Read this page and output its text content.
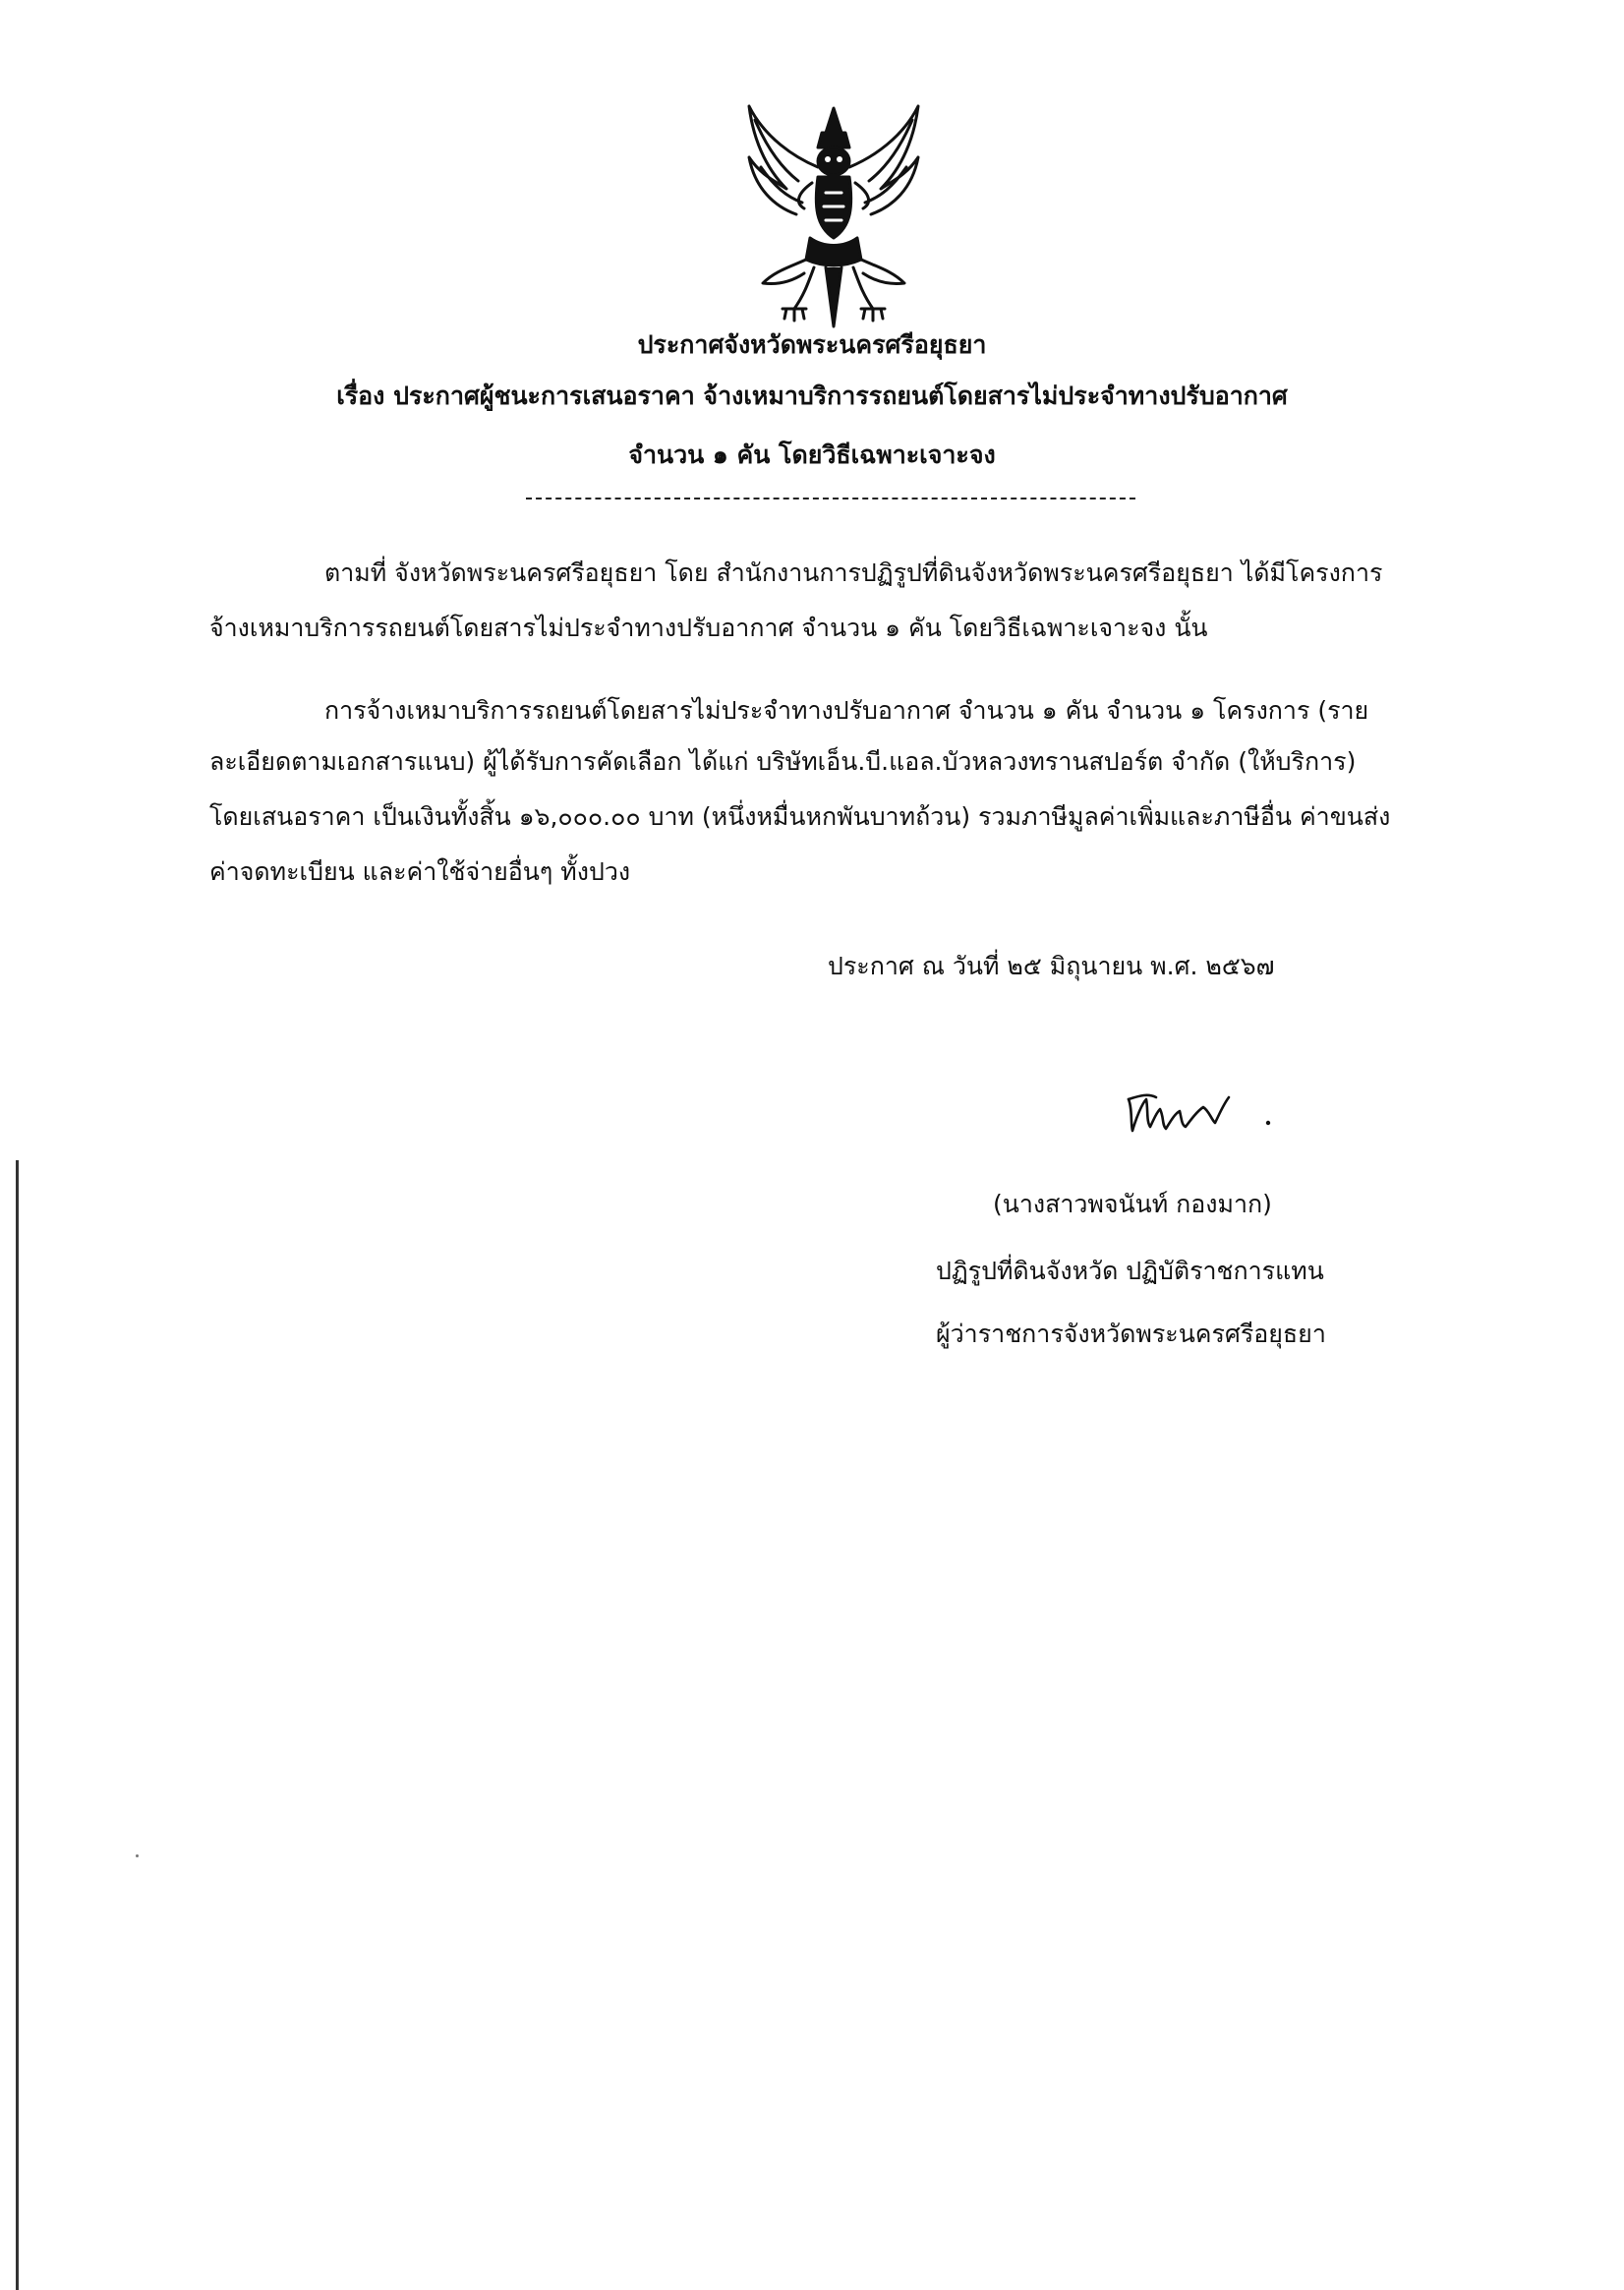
ประกาศจังหวัดพระนครศรีอยุธยา
เรื่อง ประกาศผู้ชนะการเสนอราคา จ้างเหมาบริการรถยนต์โดยสารไม่ประจำทางปรับอากาศ
จำนวน ๑ คัน โดยวิธีเฉพาะเจาะจง
ตามที่ จังหวัดพระนครศรีอยุธยา โดย สำนักงานการปฏิรูปที่ดินจังหวัดพระนครศรีอยุธยา ได้มีโครงการ
จ้างเหมาบริการรถยนต์โดยสารไม่ประจำทางปรับอากาศ จำนวน ๑ คัน โดยวิธีเฉพาะเจาะจง นั้น
การจ้างเหมาบริการรถยนต์โดยสารไม่ประจำทางปรับอากาศ จำนวน ๑ คัน จำนวน ๑ โครงการ (ราย
ละเอียดตามเอกสารแนบ) ผู้ได้รับการคัดเลือก ได้แก่ บริษัทเอ็น.บี.แอล.บัวหลวงทรานสปอร์ต จำกัด (ให้บริการ)
โดยเสนอราคา เป็นเงินทั้งสิ้น ๑๖,๐๐๐.๐๐ บาท (หนึ่งหมื่นหกพันบาทถ้วน) รวมภาษีมูลค่าเพิ่มและภาษีอื่น ค่าขนส่ง
ค่าจดทะเบียน และค่าใช้จ่ายอื่นๆ ทั้งปวง
ประกาศ ณ วันที่ ๒๕ มิถุนายน พ.ศ. ๒๕๖๗
(นางสาวพจนันท์ กองมาก)
ปฏิรูปที่ดินจังหวัด ปฏิบัติราชการแทน
ผู้ว่าราชการจังหวัดพระนครศรีอยุธยา
